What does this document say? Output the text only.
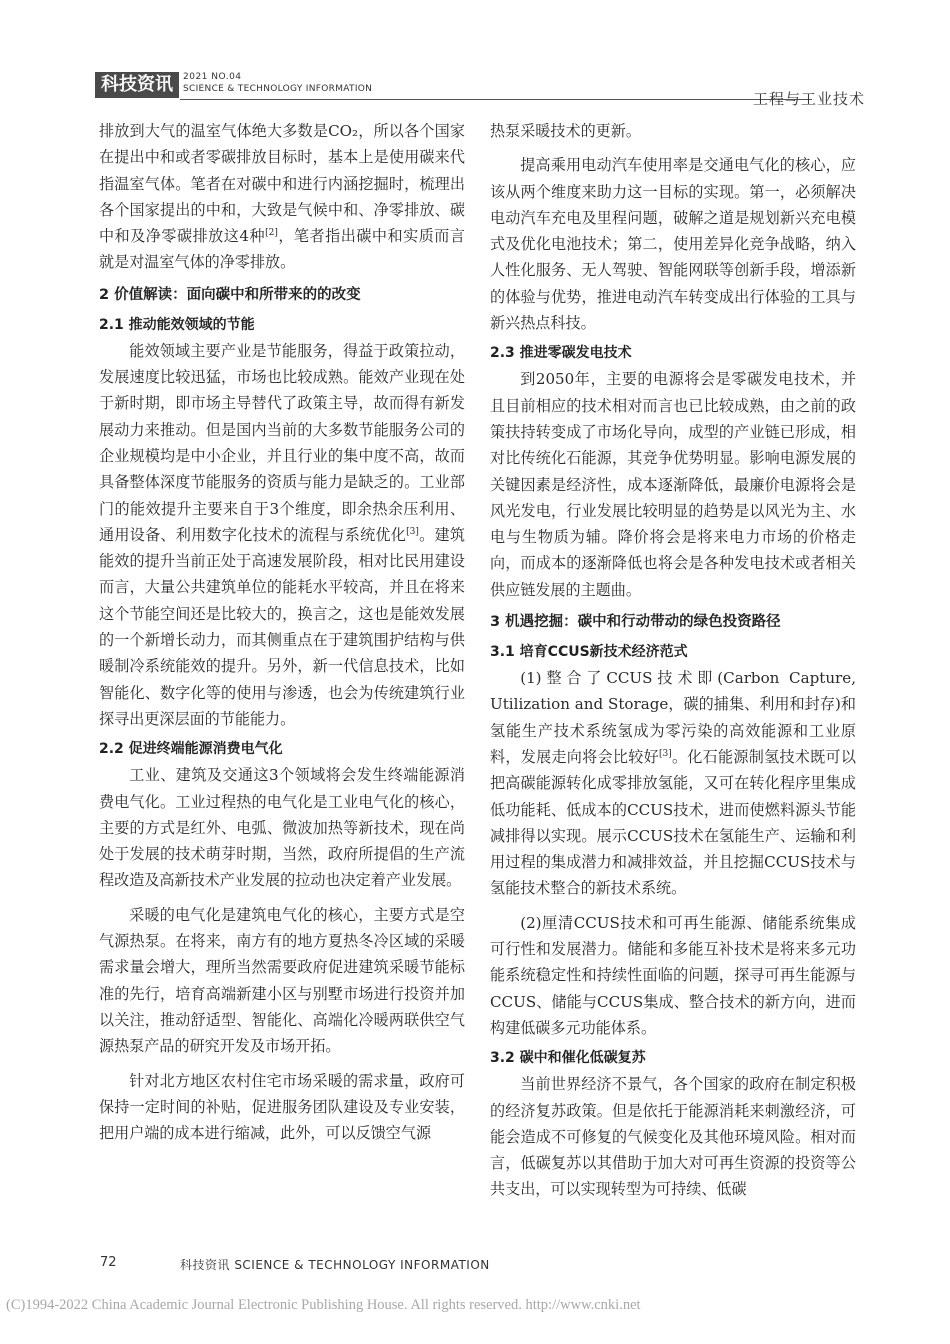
科技资讯	2021 NO.04
SCIENCE & TECHNOLOGY INFORMATION
工程与工业技术

排放到大气的温室气体绝大多数是CO₂，所以各个国家在提出中和或者零碳排放目标时，基本上是使用碳来代指温室气体。笔者在对碳中和进行内涵挖掘时，梳理出各个国家提出的中和，大致是气候中和、净零排放、碳中和及净零碳排放这4种[2]，笔者指出碳中和实质而言就是对温室气体的净零排放。

2 价值解读：面向碳中和所带来的的改变
2.1 推动能效领域的节能

能效领域主要产业是节能服务，得益于政策拉动，发展速度比较迅猛，市场也比较成熟。能效产业现在处于新时期，即市场主导替代了政策主导，故而得有新发展动力来推动。但是国内当前的大多数节能服务公司的企业规模均是中小企业，并且行业的集中度不高，故而具备整体深度节能服务的资质与能力是缺乏的。工业部门的能效提升主要来自于3个维度，即余热余压利用、通用设备、利用数字化技术的流程与系统优化[3]。建筑能效的提升当前正处于高速发展阶段，相对比民用建设而言，大量公共建筑单位的能耗水平较高，并且在将来这个节能空间还是比较大的，换言之，这也是能效发展的一个新增长动力，而其侧重点在于建筑围护结构与供暖制冷系统能效的提升。另外，新一代信息技术，比如智能化、数字化等的使用与渗透，也会为传统建筑行业探寻出更深层面的节能能力。

2.2 促进终端能源消费电气化

工业、建筑及交通这3个领域将会发生终端能源消费电气化。工业过程热的电气化是工业电气化的核心，主要的方式是红外、电弧、微波加热等新技术，现在尚处于发展的技术萌芽时期，当然，政府所提倡的生产流程改造及高新技术产业发展的拉动也决定着产业发展。

采暖的电气化是建筑电气化的核心，主要方式是空气源热泵。在将来，南方有的地方夏热冬冷区域的采暖需求量会增大，理所当然需要政府促进建筑采暖节能标准的先行，培育高端新建小区与别墅市场进行投资并加以关注，推动舒适型、智能化、高端化冷暖两联供空气源热泵产品的研究开发及市场开拓。

针对北方地区农村住宅市场采暖的需求量，政府可保持一定时间的补贴，促进服务团队建设及专业安装，把用户端的成本进行缩减，此外，可以反馈空气源

热泵采暖技术的更新。

提高乘用电动汽车使用率是交通电气化的核心，应该从两个维度来助力这一目标的实现。第一，必须解决电动汽车充电及里程问题，破解之道是规划新兴充电模式及优化电池技术；第二，使用差异化竞争战略，纳入人性化服务、无人驾驶、智能网联等创新手段，增添新的体验与优势，推进电动汽车转变成出行体验的工具与新兴热点科技。

2.3 推进零碳发电技术

到2050年，主要的电源将会是零碳发电技术，并且目前相应的技术相对而言也已比较成熟，由之前的政策扶持转变成了市场化导向，成型的产业链已形成，相对比传统化石能源，其竞争优势明显。影响电源发展的关键因素是经济性，成本逐渐降低，最廉价电源将会是风光发电，行业发展比较明显的趋势是以风光为主、水电与生物质为辅。降价将会是将来电力市场的价格走向，而成本的逐渐降低也将会是各种发电技术或者相关供应链发展的主题曲。

3 机遇挖掘：碳中和行动带动的绿色投资路径
3.1 培育CCUS新技术经济范式

(1)整合了CCUS技术即(Carbon Capture, Utilization and Storage，碳的捕集、利用和封存)和氢能生产技术系统氢成为零污染的高效能源和工业原料，发展走向将会比较好[3]。化石能源制氢技术既可以把高碳能源转化成零排放氢能，又可在转化程序里集成低功能耗、低成本的CCUS技术，进而使燃料源头节能减排得以实现。展示CCUS技术在氢能生产、运输和利用过程的集成潜力和减排效益，并且挖掘CCUS技术与氢能技术整合的新技术系统。

(2)厘清CCUS技术和可再生能源、储能系统集成可行性和发展潜力。储能和多能互补技术是将来多元功能系统稳定性和持续性面临的问题，探寻可再生能源与CCUS、储能与CCUS集成、整合技术的新方向，进而构建低碳多元功能体系。

3.2 碳中和催化低碳复苏

当前世界经济不景气，各个国家的政府在制定积极的经济复苏政策。但是依托于能源消耗来刺激经济，可能会造成不可修复的气候变化及其他环境风险。相对而言，低碳复苏以其借助于加大对可再生资源的投资等公共支出，可以实现转型为可持续、低碳

72	科技资讯 SCIENCE & TECHNOLOGY INFORMATION
(C)1994-2022 China Academic Journal Electronic Publishing House. All rights reserved. http://www.cnki.net
